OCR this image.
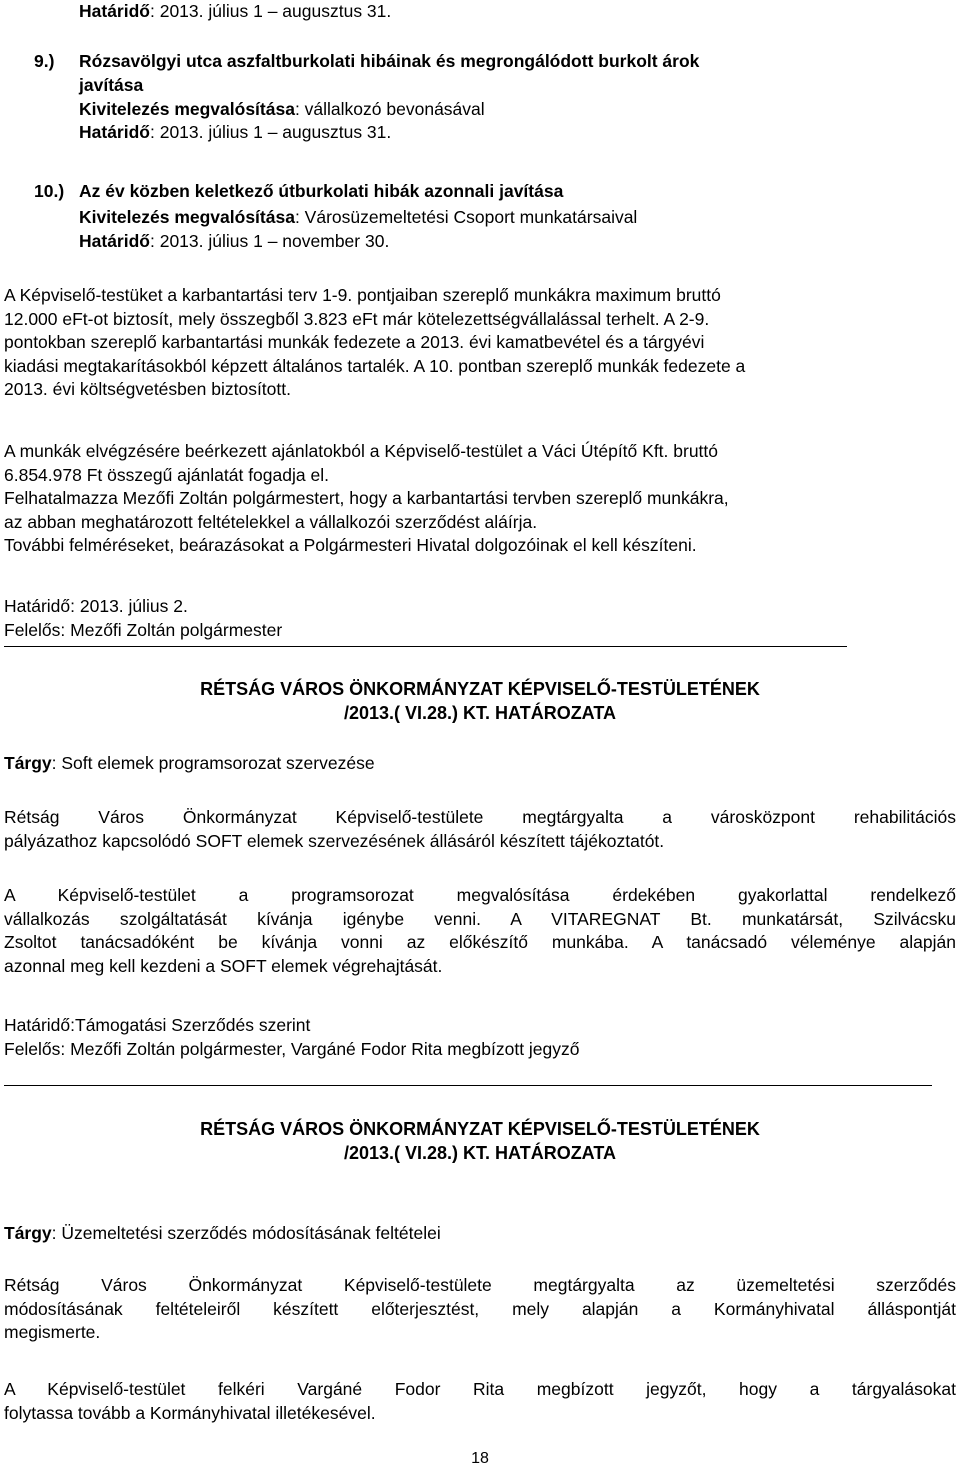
Határidő: 2013. július 1 – augusztus 31.
9.) Rózsavölgyi utca aszfaltburkolati hibáinak és megrongálódott burkolt árok
javítása
Kivitelezés megvalósítása: vállalkozó bevonásával
Határidő: 2013. július 1 – augusztus 31.
10.) Az év közben keletkező útburkolati hibák azonnali javítása
Kivitelezés megvalósítása: Városüzemeltetési Csoport munkatársaival
Határidő: 2013. július 1 – november 30.
A Képviselő-testüket a karbantartási terv 1-9. pontjaiban szereplő munkákra maximum bruttó
12.000 eFt-ot biztosít, mely összegből 3.823 eFt már kötelezettségvállalással terhelt. A 2-9.
pontokban szereplő karbantartási munkák fedezete a 2013. évi kamatbevétel és a tárgyévi
kiadási megtakarításokból képzett általános tartalék. A 10. pontban szereplő munkák fedezete a
2013. évi költségvetésben biztosított.
A munkák elvégzésére beérkezett ajánlatokból a Képviselő-testület a Váci Útépítő Kft. bruttó
6.854.978 Ft összegű ajánlatát fogadja el.
Felhatalmazza Mezőfi Zoltán polgármestert, hogy a karbantartási tervben szereplő munkákra,
az abban meghatározott feltételekkel a vállalkozói szerződést aláírja.
További felméréseket, beárazásokat a Polgármesteri Hivatal dolgozóinak el kell készíteni.
Határidő: 2013. július 2.
Felelős: Mezőfi Zoltán polgármester
RÉTSÁG VÁROS ÖNKORMÁNYZAT KÉPVISELŐ-TESTÜLETÉNEK
/2013.( VI.28.) KT. HATÁROZATA
Tárgy: Soft elemek programsorozat szervezése
Rétság Város Önkormányzat Képviselő-testülete megtárgyalta a városközpont rehabilitációs
pályázathoz kapcsolódó SOFT elemek szervezésének állásáról készített tájékoztatót.
A Képviselő-testület a programsorozat megvalósítása érdekében gyakorlattal rendelkező
vállalkozás szolgáltatását kívánja igénybe venni. A VITAREGNAT Bt. munkatársát, Szilvácsku
Zsoltot tanácsadóként be kívánja vonni az előkészítő munkába. A tanácsadó véleménye alapján
azonnal meg kell kezdeni a SOFT elemek végrehajtását.
Határidő:Támogatási Szerződés szerint
Felelős: Mezőfi Zoltán polgármester, Vargáné Fodor Rita megbízott jegyző
RÉTSÁG VÁROS ÖNKORMÁNYZAT KÉPVISELŐ-TESTÜLETÉNEK
/2013.( VI.28.) KT. HATÁROZATA
Tárgy: Üzemeltetési szerződés módosításának feltételei
Rétság Város Önkormányzat Képviselő-testülete megtárgyalta az üzemeltetési szerződés
módosításának feltételeiről készített előterjesztést, mely alapján a Kormányhivatal álláspontját
megismerte.
A Képviselő-testület felkéri Vargáné Fodor Rita megbízott jegyzőt, hogy a tárgyalásokat
folytassa tovább a Kormányhivatal illetékesével.
18
